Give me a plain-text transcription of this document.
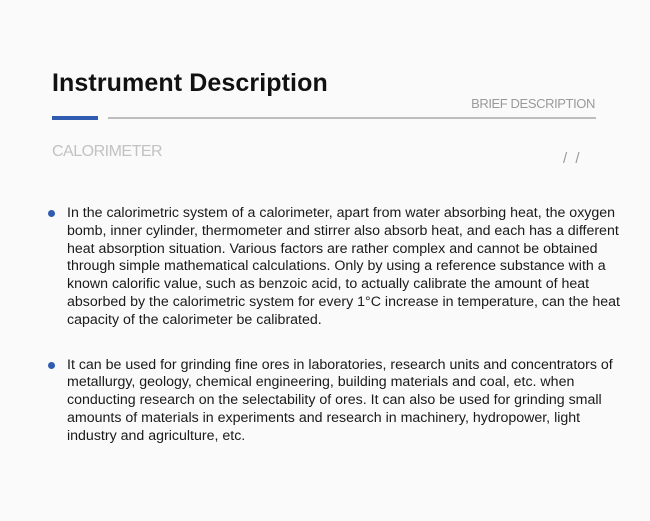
Instrument Description
BRIEF DESCRIPTION
CALORIMETER	/ /
In the calorimetric system of a calorimeter, apart from water absorbing heat, the oxygen bomb, inner cylinder, thermometer and stirrer also absorb heat, and each has a different heat absorption situation. Various factors are rather complex and cannot be obtained through simple mathematical calculations. Only by using a reference substance with a known calorific value, such as benzoic acid, to actually calibrate the amount of heat absorbed by the calorimetric system for every 1°C increase in temperature, can the heat capacity of the calorimeter be calibrated.
It can be used for grinding fine ores in laboratories, research units and concentrators of metallurgy, geology, chemical engineering, building materials and coal, etc. when conducting research on the selectability of ores. It can also be used for grinding small amounts of materials in experiments and research in machinery, hydropower, light industry and agriculture, etc.
